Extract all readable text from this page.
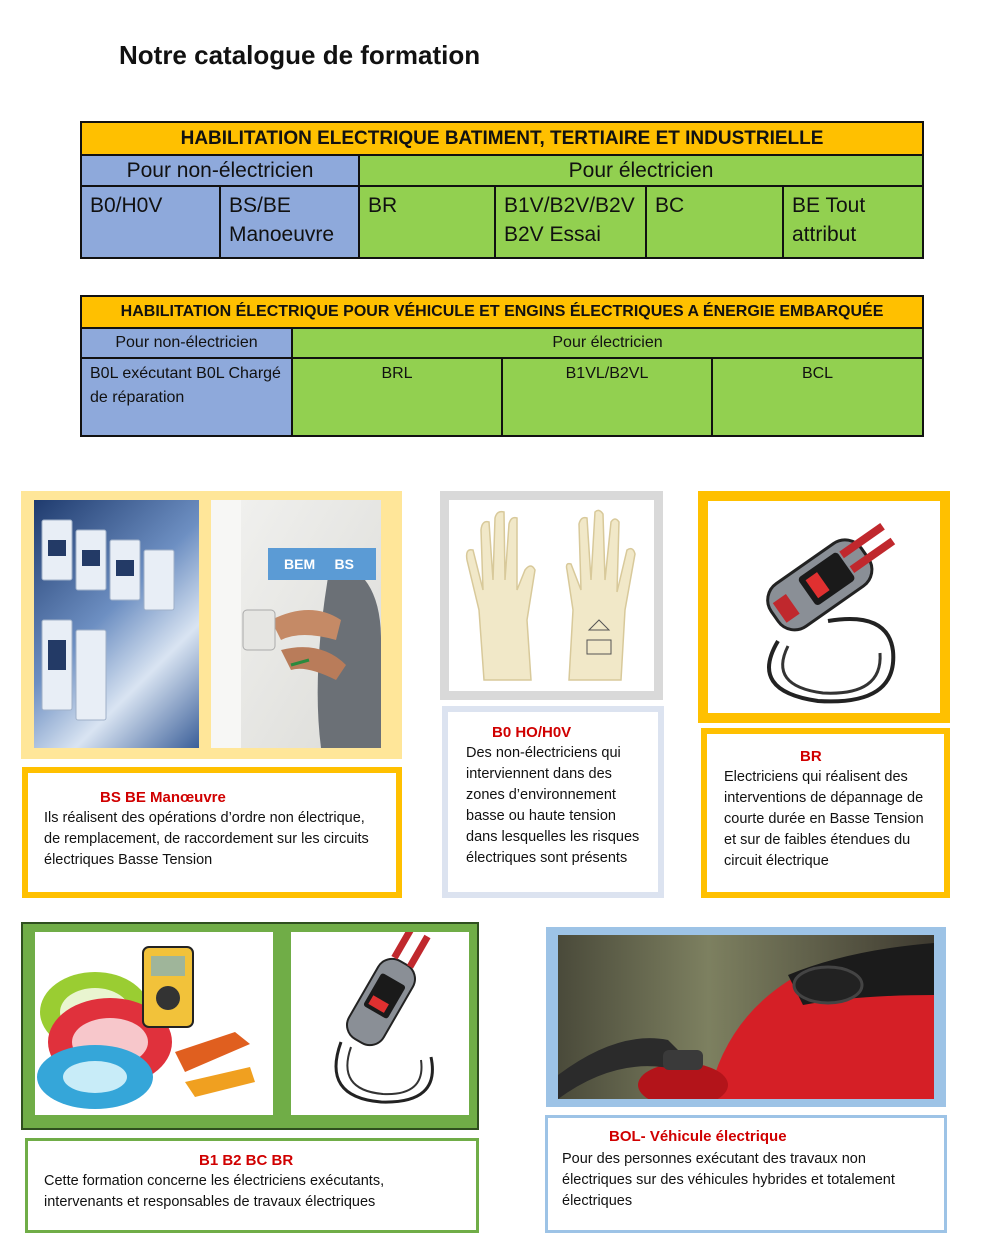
Notre catalogue de formation
HABILITATION ELECTRIQUE BATIMENT, TERTIAIRE ET INDUSTRIELLE					
Pour non-électricien		Pour électricien			
B0/H0V	BS/BE Manoeuvre	BR	B1V/B2V/B2V B2V Essai	BC	BE Tout attribut
HABILITATION ÉLECTRIQUE POUR VÉHICULE ET ENGINS ÉLECTRIQUES A ÉNERGIE EMBARQUÉE			
Pour non-électricien	Pour électricien		
B0L exécutant B0L Chargé de réparation	BRL	B1VL/B2VL	BCL
BEM     BS
BS BE Manœuvre
Ils réalisent des opérations d’ordre non électrique, de remplacement, de raccordement sur les circuits électriques Basse Tension
B0 HO/H0V
Des non-électriciens qui interviennent dans des zones d’environnement basse ou haute tension dans lesquelles les risques électriques sont présents
BR
Electriciens qui réalisent des interventions de dépannage de courte durée en Basse Tension et sur de faibles étendues du circuit électrique
B1 B2 BC BR
Cette formation concerne les électriciens exécutants, intervenants et responsables de travaux électriques
BOL- Véhicule électrique
Pour des personnes exécutant des travaux non électriques sur des véhicules hybrides et totalement électriques
